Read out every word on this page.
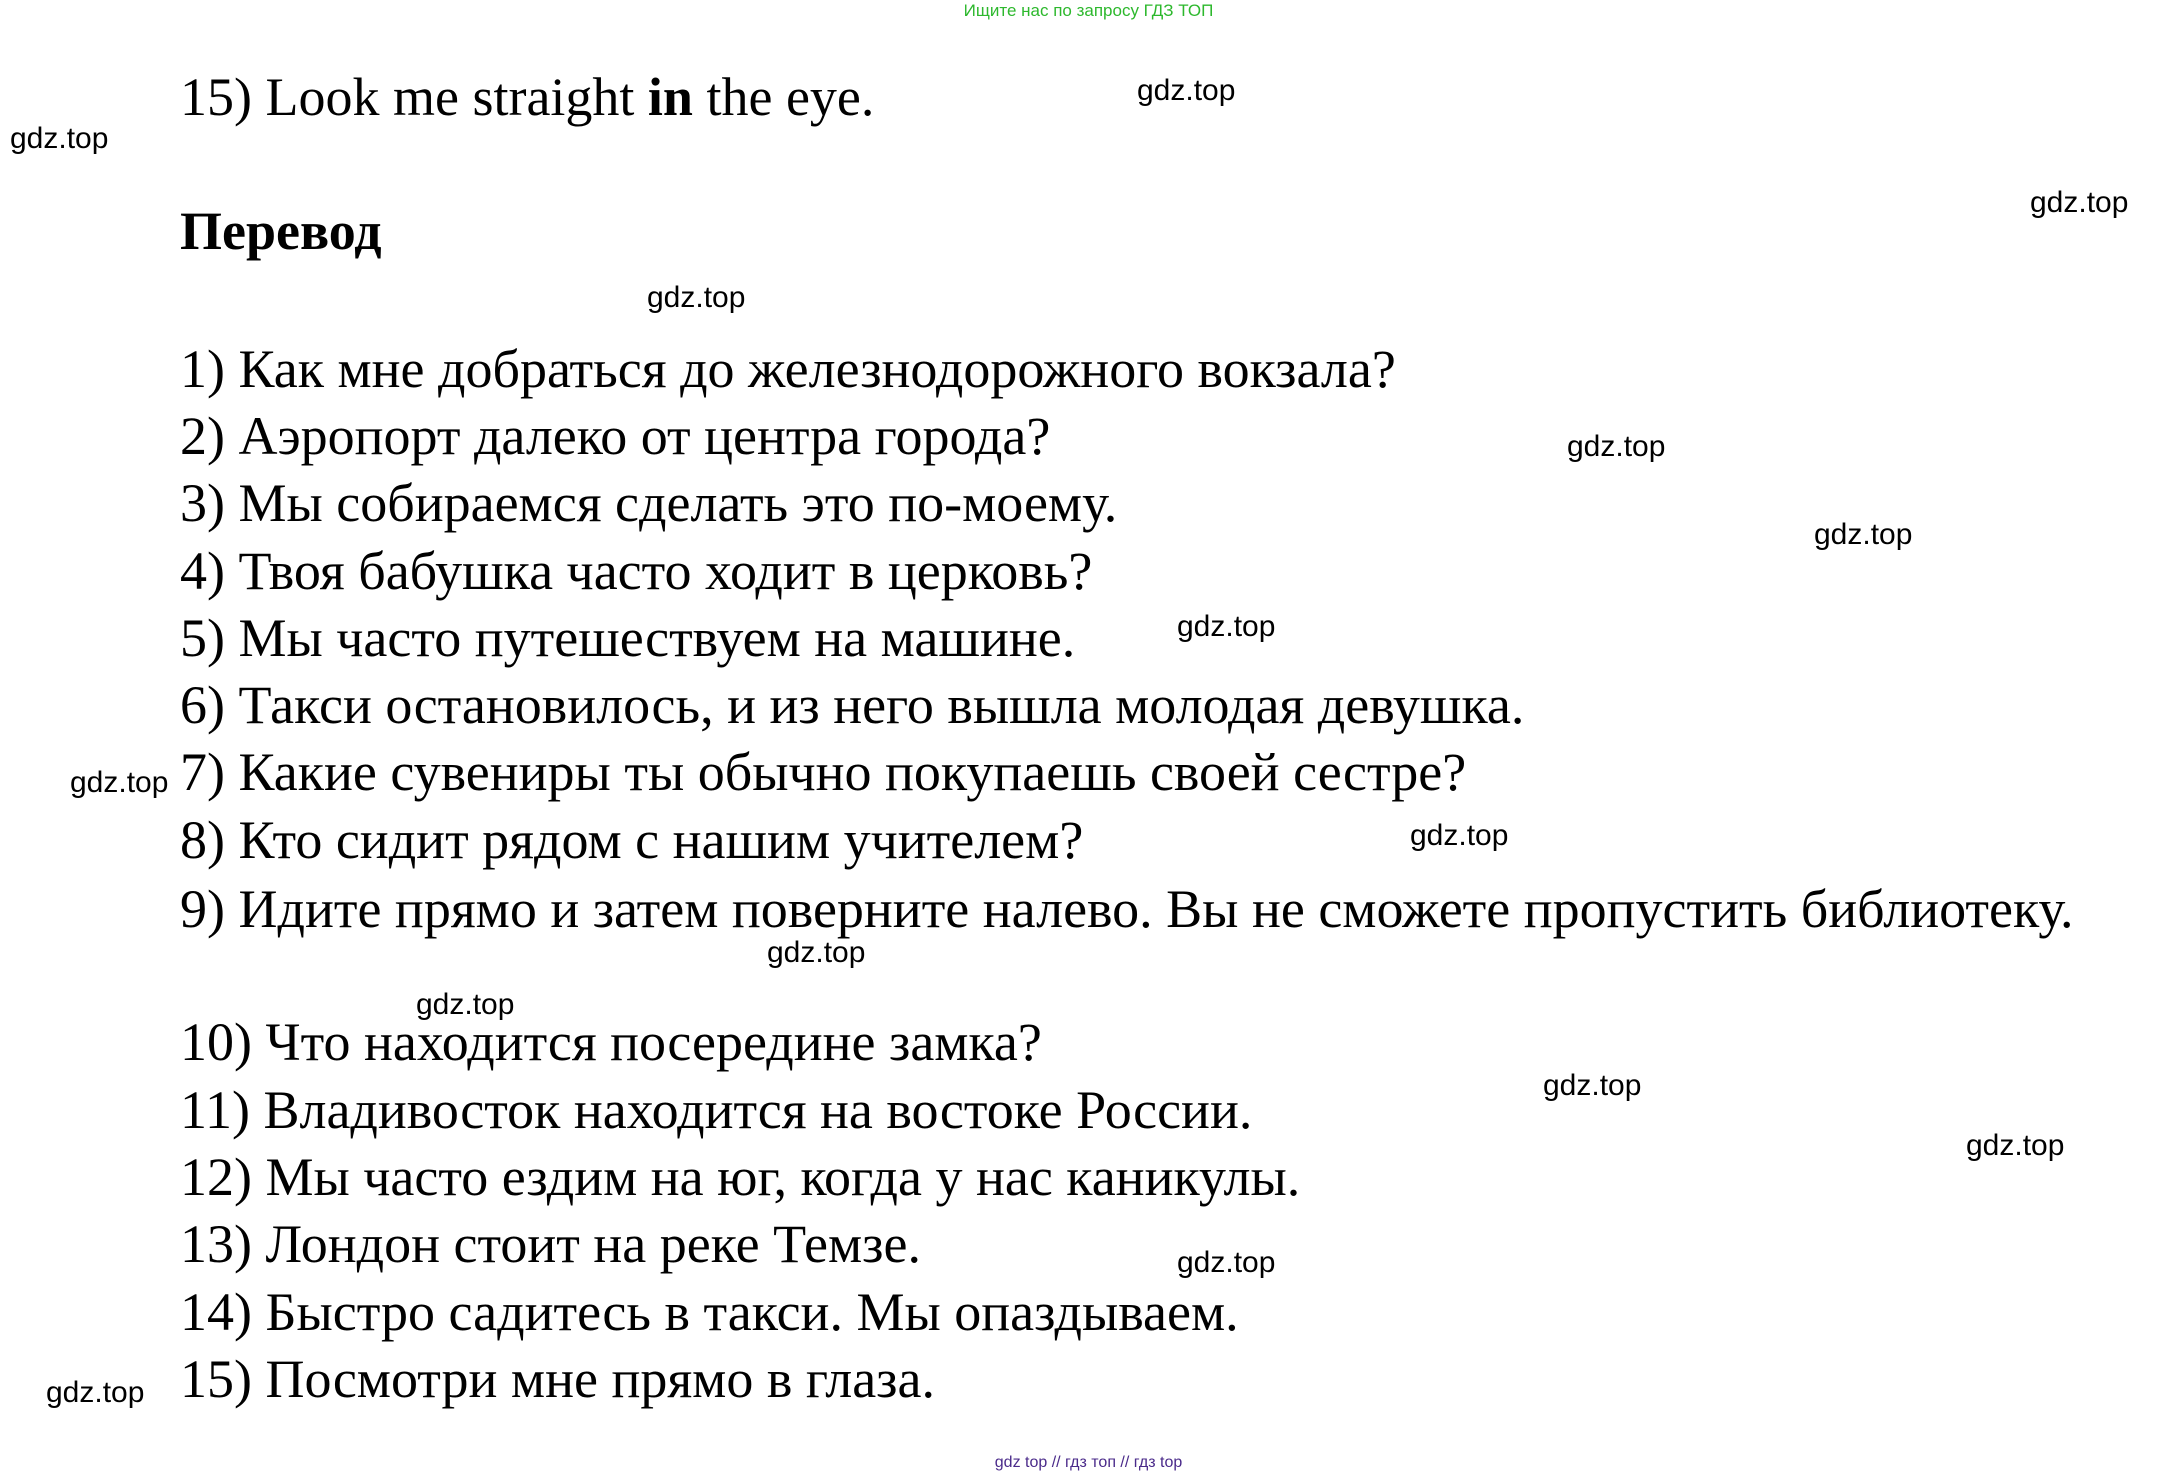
Ищите нас по запросу ГДЗ ТОП
15) Look me straight in the eye.
Перевод
1) Как мне добраться до железнодорожного вокзала?
2) Аэропорт далеко от центра города?
3) Мы собираемся сделать это по-моему.
4) Твоя бабушка часто ходит в церковь?
5) Мы часто путешествуем на машине.
6) Такси остановилось, и из него вышла молодая девушка.
7) Какие сувениры ты обычно покупаешь своей сестре?
8) Кто сидит рядом с нашим учителем?
9) Идите прямо и затем поверните налево. Вы не сможете пропустить библиотеку.
10) Что находится посередине замка?
11) Владивосток находится на востоке России.
12) Мы часто ездим на юг, когда у нас каникулы.
13) Лондон стоит на реке Темзе.
14) Быстро садитесь в такси. Мы опаздываем.
15) Посмотри мне прямо в глаза.
gdz.top
gdz.top
gdz.top
gdz.top
gdz.top
gdz.top
gdz.top
gdz.top
gdz.top
gdz.top
gdz.top
gdz.top
gdz.top
gdz.top
gdz.top
gdz top // гдз топ // гдз top
